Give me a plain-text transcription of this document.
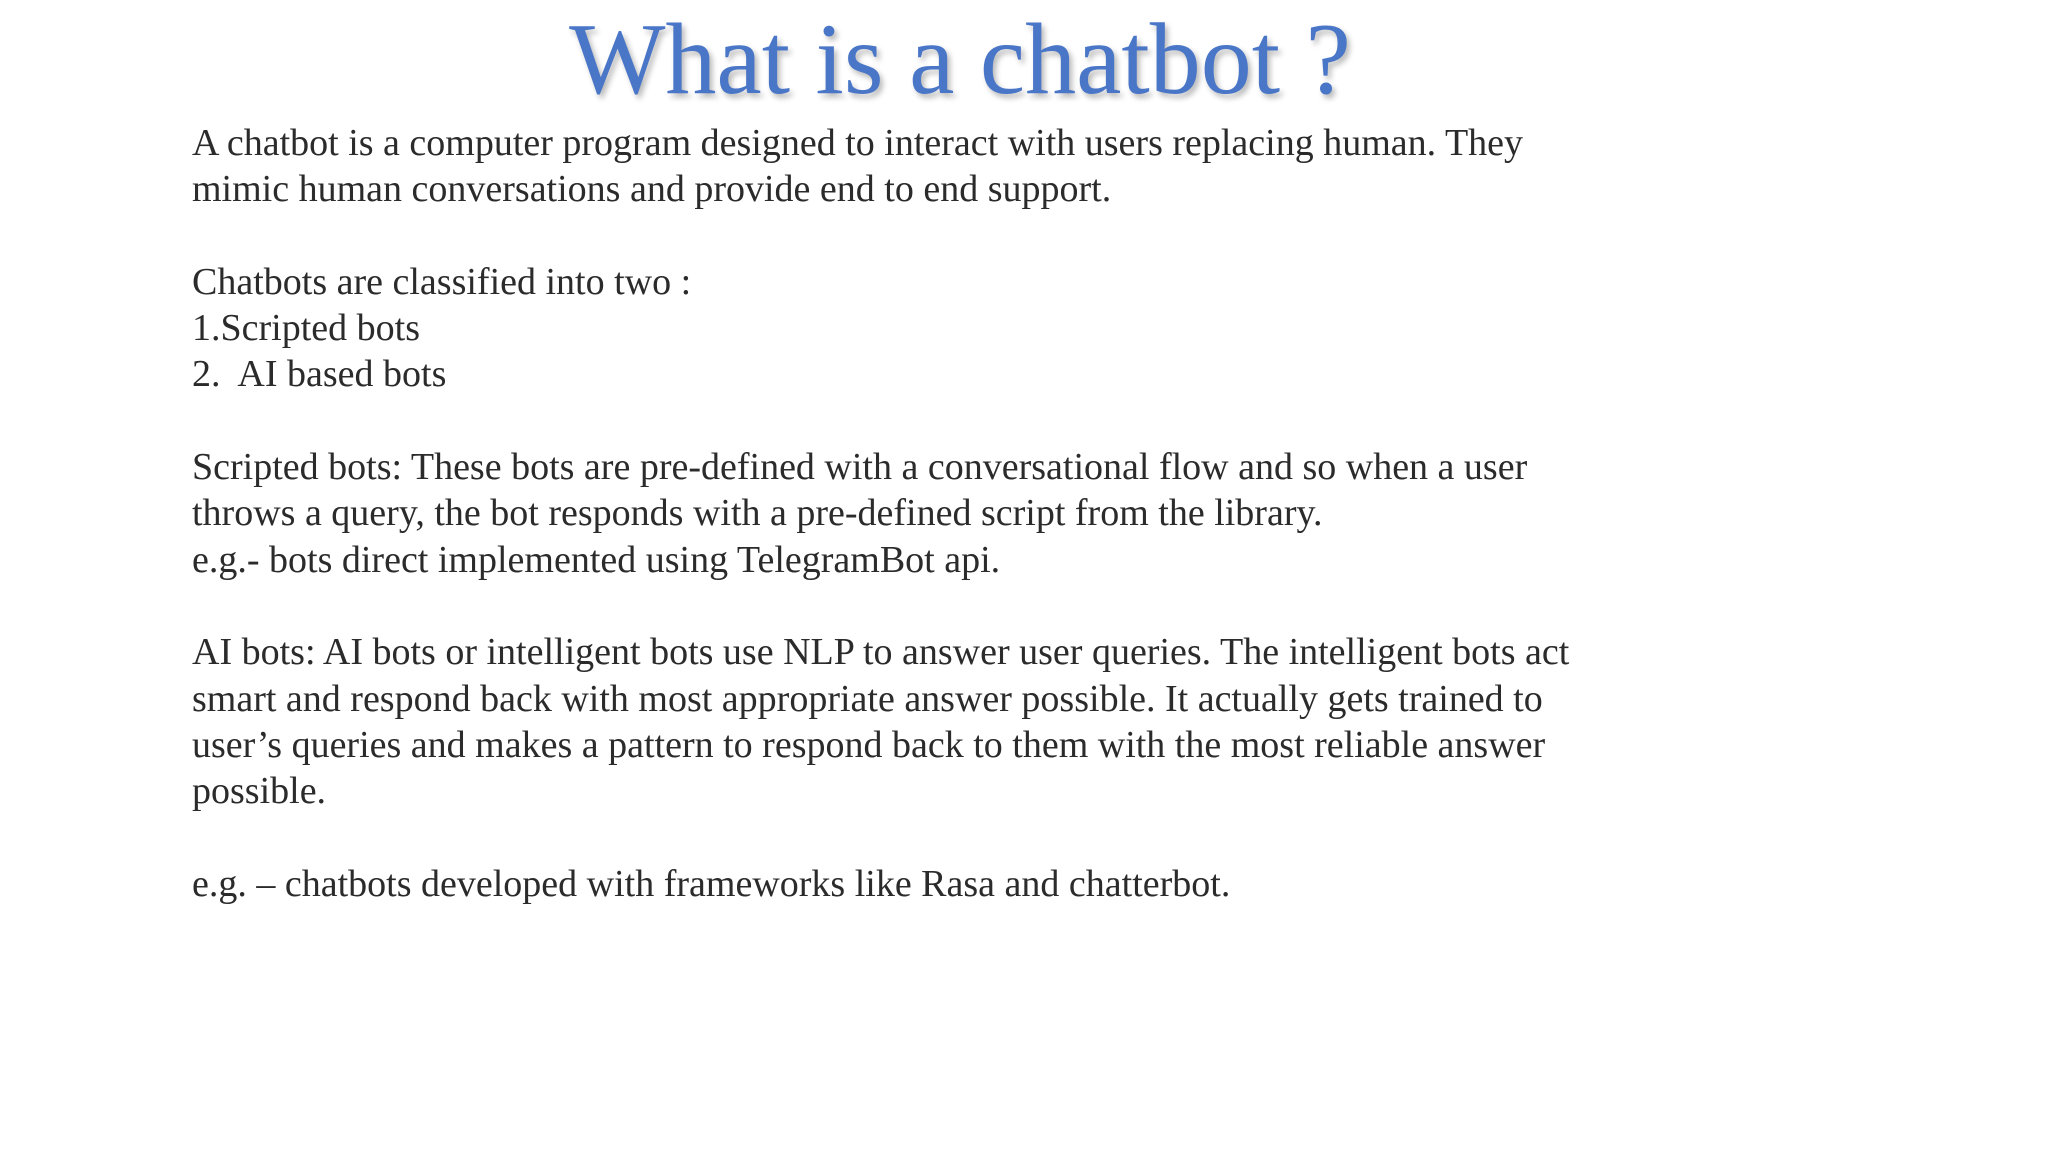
What is a chatbot ?
A chatbot is a computer program designed to interact with users replacing human. They
mimic human conversations and provide end to end support.
Chatbots are classified into two :
1.Scripted bots
2.  AI based bots
Scripted bots: These bots are pre-defined with a conversational flow and so when a user
throws a query, the bot responds with a pre-defined script from the library.
e.g.- bots direct implemented using TelegramBot api.
AI bots: AI bots or intelligent bots use NLP to answer user queries. The intelligent bots act
smart and respond back with most appropriate answer possible. It actually gets trained to
user’s queries and makes a pattern to respond back to them with the most reliable answer
possible.
e.g. – chatbots developed with frameworks like Rasa and chatterbot.
